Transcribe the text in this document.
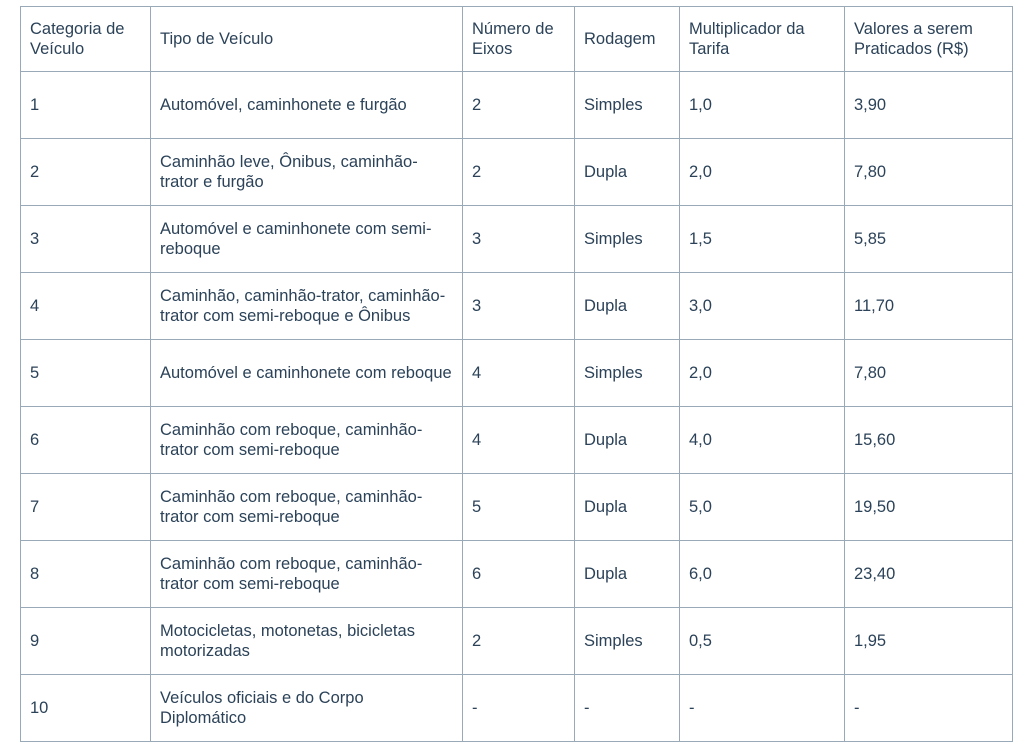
Categoria de Veículo	Tipo de Veículo	Número de Eixos	Rodagem	Multiplicador da Tarifa	Valores a serem Praticados (R$)
1	Automóvel, caminhonete e furgão	2	Simples	1,0	3,90
2	Caminhão leve, Ônibus, caminhão-trator e furgão	2	Dupla	2,0	7,80
3	Automóvel e caminhonete com semi-reboque	3	Simples	1,5	5,85
4	Caminhão, caminhão-trator, caminhão-trator com semi-reboque e Ônibus	3	Dupla	3,0	11,70
5	Automóvel e caminhonete com reboque	4	Simples	2,0	7,80
6	Caminhão com reboque, caminhão-trator com semi-reboque	4	Dupla	4,0	15,60
7	Caminhão com reboque, caminhão-trator com semi-reboque	5	Dupla	5,0	19,50
8	Caminhão com reboque, caminhão-trator com semi-reboque	6	Dupla	6,0	23,40
9	Motocicletas, motonetas, bicicletas motorizadas	2	Simples	0,5	1,95
10	Veículos oficiais e do Corpo Diplomático	-	-	-	-
